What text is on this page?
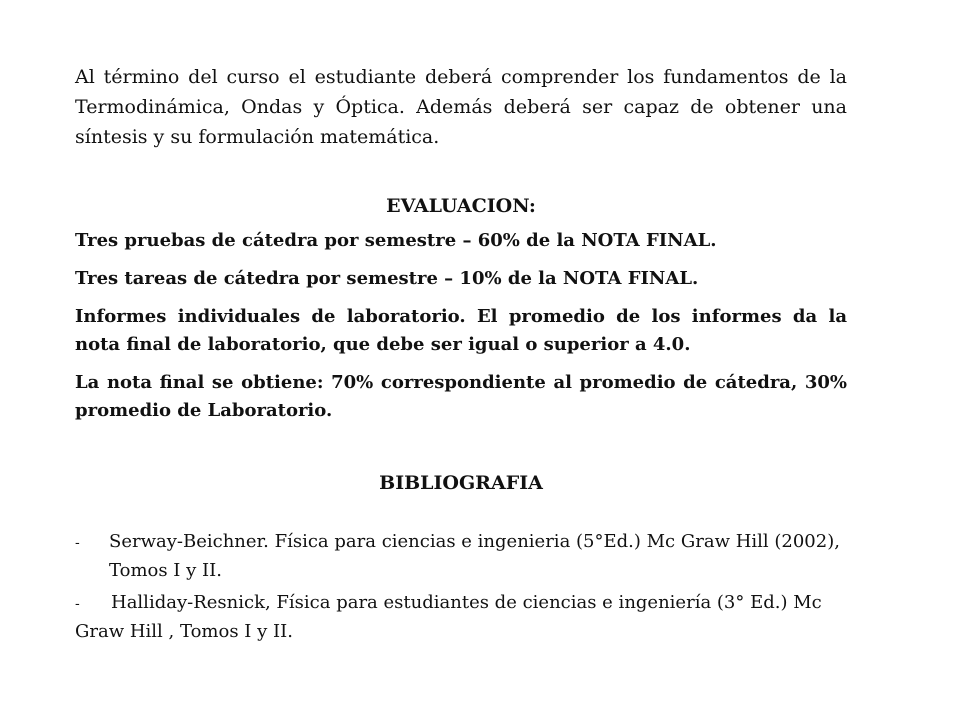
Al término del curso el estudiante deberá comprender los fundamentos de la Termodinámica, Ondas y Óptica. Además deberá ser capaz de obtener una síntesis y su formulación matemática.

EVALUACION:

Tres pruebas de cátedra por semestre – 60% de la NOTA FINAL.

Tres tareas de cátedra por semestre – 10% de la NOTA FINAL.

Informes individuales de laboratorio. El promedio de los informes da la nota final de laboratorio, que debe ser igual o superior a 4.0.

La nota final se obtiene: 70% correspondiente al promedio de cátedra, 30% promedio de Laboratorio.

BIBLIOGRAFIA
- Serway-Beichner. Física para ciencias e ingenieria (5°Ed.) Mc Graw Hill (2002), Tomos I y II.
- Halliday-Resnick, Física para estudiantes de ciencias e ingeniería (3° Ed.) Mc Graw Hill , Tomos I y II.
